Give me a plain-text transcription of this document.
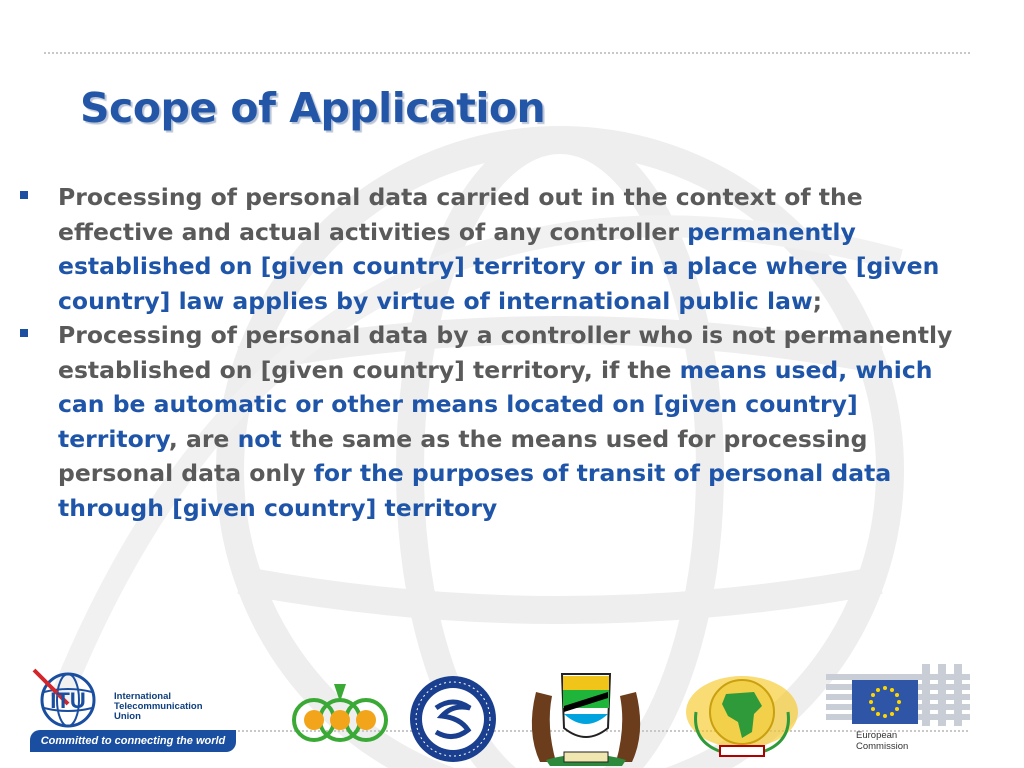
Scope of Application
Processing of personal data carried out in the context of the effective and actual activities of any controller permanently established on [given country] territory or in a place where [given country] law applies by virtue of international public law;
Processing of personal data by a controller who is not permanently established on [given country] territory, if the means used, which can be automatic or other means located on [given country] territory, are not the same as the means used for processing personal data only for the purposes of transit of personal data through [given country] territory
ITU	International
Telecommunication
Union
Committed to connecting the world	European
Commission
